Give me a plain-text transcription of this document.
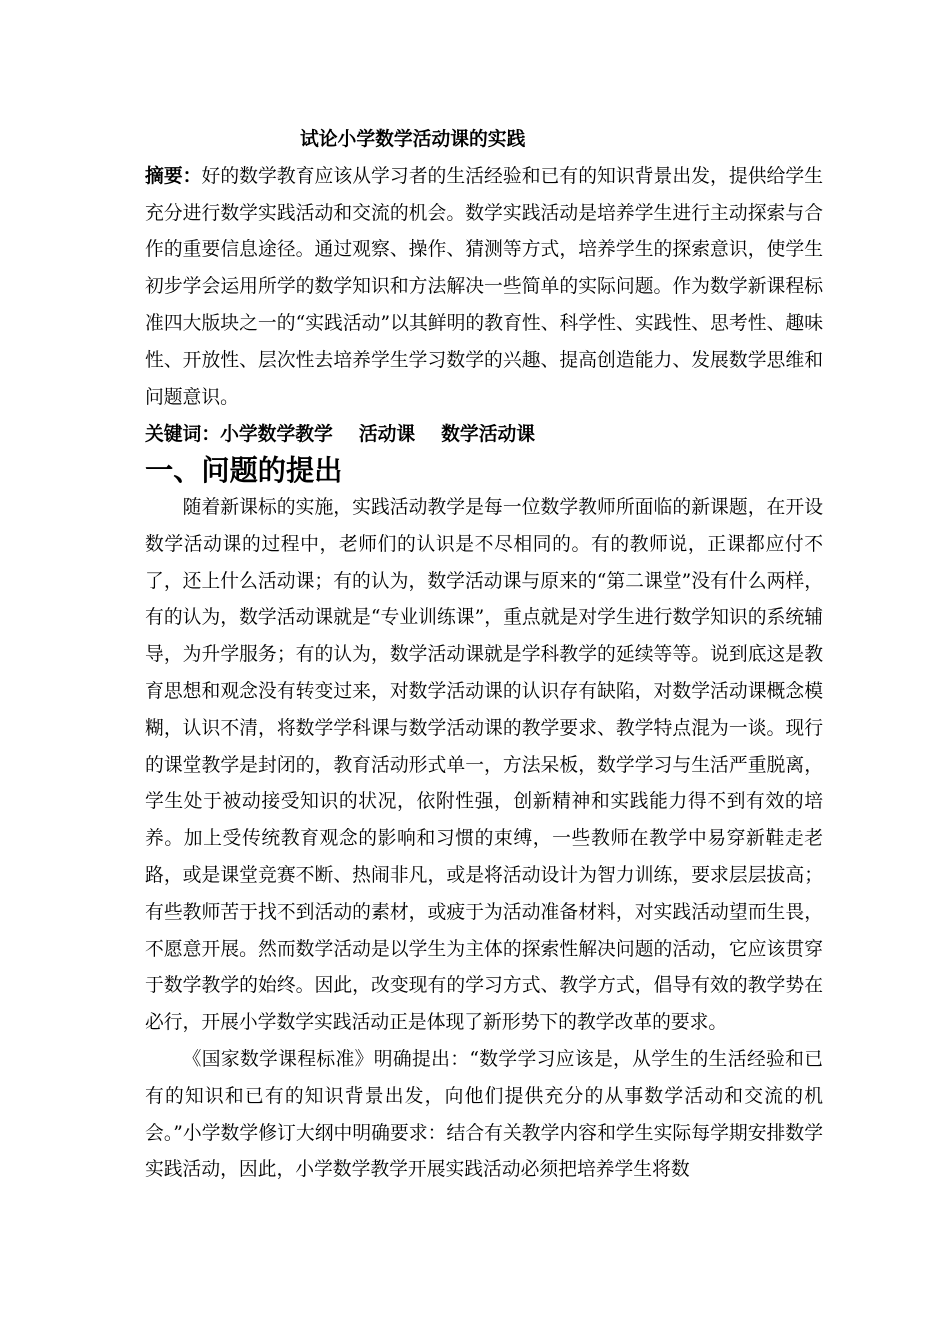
试论小学数学活动课的实践

摘要：好的数学教育应该从学习者的生活经验和已有的知识背景出发，提供给学生充分进行数学实践活动和交流的机会。数学实践活动是培养学生进行主动探索与合作的重要信息途径。通过观察、操作、猜测等方式，培养学生的探索意识，使学生初步学会运用所学的数学知识和方法解决一些简单的实际问题。作为数学新课程标准四大版块之一的“实践活动”以其鲜明的教育性、科学性、实践性、思考性、趣味性、开放性、层次性去培养学生学习数学的兴趣、提高创造能力、发展数学思维和问题意识。

关键词：小学数学教学 活动课 数学活动课

一、问题的提出

随着新课标的实施，实践活动教学是每一位数学教师所面临的新课题，在开设数学活动课的过程中，老师们的认识是不尽相同的。有的教师说，正课都应付不了，还上什么活动课；有的认为，数学活动课与原来的“第二课堂”没有什么两样，有的认为，数学活动课就是“专业训练课”，重点就是对学生进行数学知识的系统辅导，为升学服务；有的认为，数学活动课就是学科教学的延续等等。说到底这是教育思想和观念没有转变过来，对数学活动课的认识存有缺陷，对数学活动课概念模糊，认识不清，将数学学科课与数学活动课的教学要求、教学特点混为一谈。现行的课堂教学是封闭的，教育活动形式单一，方法呆板，数学学习与生活严重脱离，学生处于被动接受知识的状况，依附性强，创新精神和实践能力得不到有效的培养。加上受传统教育观念的影响和习惯的束缚，一些教师在教学中易穿新鞋走老路，或是课堂竞赛不断、热闹非凡，或是将活动设计为智力训练，要求层层拔高；有些教师苦于找不到活动的素材，或疲于为活动准备材料，对实践活动望而生畏，不愿意开展。然而数学活动是以学生为主体的探索性解决问题的活动，它应该贯穿于数学教学的始终。因此，改变现有的学习方式、教学方式，倡导有效的教学势在必行，开展小学数学实践活动正是体现了新形势下的教学改革的要求。

《国家数学课程标准》明确提出：“数学学习应该是，从学生的生活经验和已有的知识和已有的知识背景出发，向他们提供充分的从事数学活动和交流的机会。”小学数学修订大纲中明确要求：结合有关教学内容和学生实际每学期安排数学实践活动，因此，小学数学教学开展实践活动必须把培养学生将数
